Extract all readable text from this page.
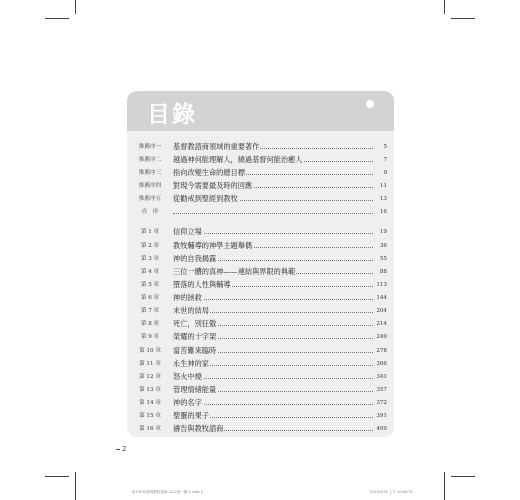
目錄
推薦序一	基督教諮商領域的重要著作	5
推薦序二	越過神何能理解人，繞過基督何能治癒人	7
推薦序三	指向改變生命的總目標	9
推薦序四	對現今需要最及時的回應	11
推薦序五	從勸戒到聖經到教牧	13
自　序	16
第 1 章	信仰立場	19
第 2 章	教牧輔導的神學主題舉偶	36
第 3 章	神的自我揭露	55
第 4 章	三位一體的真神——連結與界限的典範	88
第 5 章	墮落的人性與輔導	113
第 6 章	神的拯救	144
第 7 章	末世的結局	204
第 8 章	死亡，別狂傲	214
第 9 章	榮耀的十字架	249
第 10 章	當苦難來臨時	278
第 11 章	永生神的家	306
第 12 章	怒火中燒	341
第 13 章	管理情緒能量	357
第 14 章	神的名字	372
第 15 章	聖靈的果子	391
第 16 章	禱告與教牧諮商	409
2
SJ700 信仰與教牧諮商--012第一稿-2.indd 2	2023/1/31 上午 10:54:31
